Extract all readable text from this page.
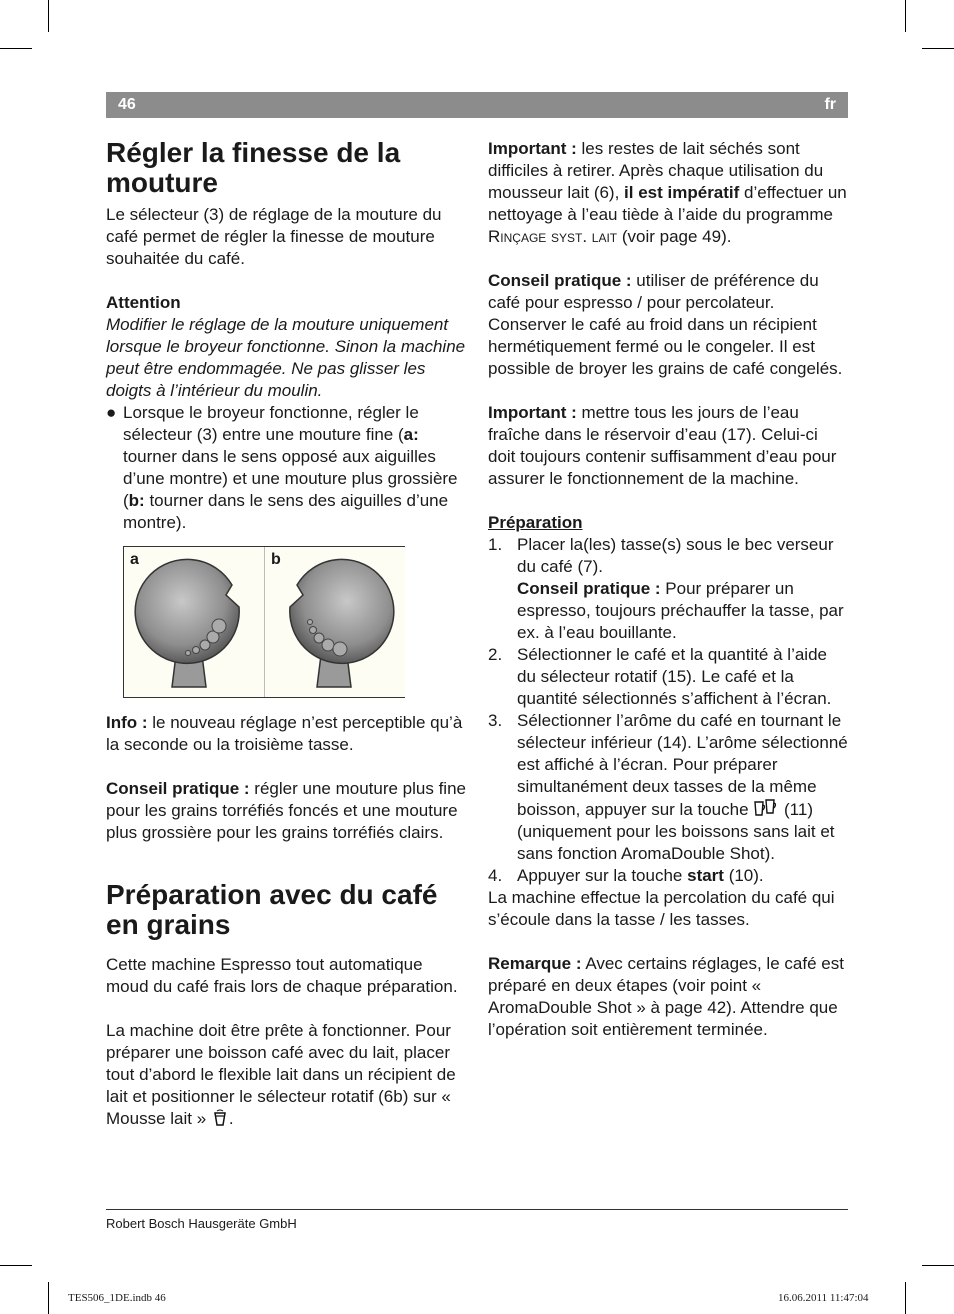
46	fr
Régler la finesse de la mouture

Le sélecteur (3) de réglage de la mouture du café permet de régler la finesse de mouture souhaitée du café.

Attention

Modifier le réglage de la mouture uniquement lorsque le broyeur fonctionne. Sinon la machine peut être endommagée. Ne pas glisser les doigts à l’intérieur du moulin.

● Lorsque le broyeur fonctionne, régler le sélecteur (3) entre une mouture fine (a: tourner dans le sens opposé aux aiguilles d’une montre) et une mouture plus grossière (b: tourner dans le sens des aiguilles d’une montre).
a	b

Info : le nouveau réglage n’est perceptible qu’à la seconde ou la troisième tasse.

Conseil pratique : régler une mouture plus fine pour les grains torréfiés foncés et une mouture plus grossière pour les grains torréfiés clairs.

Préparation avec du café en grains

Cette machine Espresso tout automatique moud du café frais lors de chaque préparation.

La machine doit être prête à fonctionner. Pour préparer une boisson café avec du lait, placer tout d’abord le flexible lait dans un récipient de lait et positionner le sélecteur rotatif (6b) sur « Mousse lait » .

Important : les restes de lait séchés sont difficiles à retirer. Après chaque utilisation du mousseur lait (6), il est impératif d’effectuer un nettoyage à l’eau tiède à l’aide du programme Rinçage syst. lait (voir page 49).

Conseil pratique : utiliser de préférence du café pour espresso / pour percolateur. Conserver le café au froid dans un récipient hermétiquement fermé ou le congeler. Il est possible de broyer les grains de café congelés.

Important : mettre tous les jours de l’eau fraîche dans le réservoir d’eau (17). Celui-ci doit toujours contenir suffisamment d’eau pour assurer le fonctionnement de la machine.

Préparation

1. Placer la(les) tasse(s) sous le bec verseur du café (7).

Conseil pratique : Pour préparer un espresso, toujours préchauffer la tasse, par ex. à l’eau bouillante.

2. Sélectionner le café et la quantité à l’aide du sélecteur rotatif (15). Le café et la quantité sélectionnés s’affichent à l’écran.
3. Sélectionner l’arôme du café en tournant le sélecteur inférieur (14). L’arôme sélectionné est affiché à l’écran. Pour préparer simultanément deux tasses de la même boisson, appuyer sur la touche  (11) (uniquement pour les boissons sans lait et sans fonction AromaDouble Shot).
4. Appuyer sur la touche start (10).

La machine effectue la percolation du café qui s’écoule dans la tasse / les tasses.

Remarque : Avec certains réglages, le café est préparé en deux étapes (voir point « AromaDouble Shot » à page 42). Attendre que l’opération soit entièrement terminée.

Robert Bosch Hausgeräte GmbH
TES506_1DE.indb 46	16.06.2011 11:47:04
